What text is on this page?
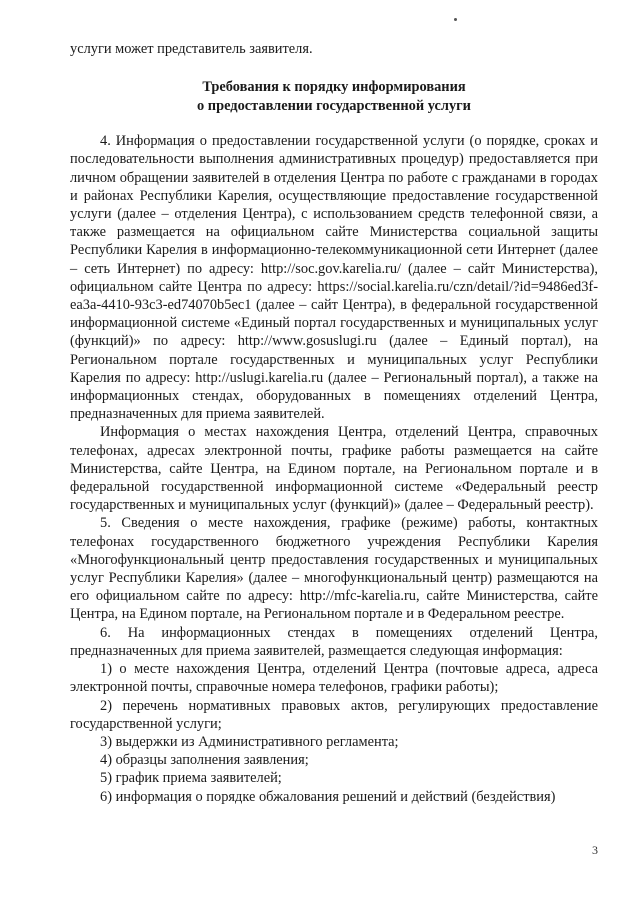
услуги может представитель заявителя.

Требования к порядку информирования
о предоставлении государственной услуги

4. Информация о предоставлении государственной услуги (о порядке, сроках и последовательности выполнения административных процедур) предоставляется при личном обращении заявителей в отделения Центра по работе с гражданами в городах и районах Республики Карелия, осуществляющие предоставление государственной услуги (далее – отделения Центра), с использованием средств телефонной связи, а также размещается на официальном сайте Министерства социальной защиты Республики Карелия в информационно-телекоммуникационной сети Интернет (далее – сеть Интернет) по адресу: http://soc.gov.karelia.ru/ (далее – сайт Министерства), официальном сайте Центра по адресу: https://social.karelia.ru/czn/detail/?id=9486ed3f-ea3a-4410-93c3-ed74070b5ec1 (далее – сайт Центра), в федеральной государственной информационной системе «Единый портал государственных и муниципальных услуг (функций)» по адресу: http://www.gosuslugi.ru (далее – Единый портал), на Региональном портале государственных и муниципальных услуг Республики Карелия по адресу: http://uslugi.karelia.ru (далее – Региональный портал), а также на информационных стендах, оборудованных в помещениях отделений Центра, предназначенных для приема заявителей.

Информация о местах нахождения Центра, отделений Центра, справочных телефонах, адресах электронной почты, графике работы размещается на сайте Министерства, сайте Центра, на Едином портале, на Региональном портале и в федеральной государственной информационной системе «Федеральный реестр государственных и муниципальных услуг (функций)» (далее – Федеральный реестр).

5. Сведения о месте нахождения, графике (режиме) работы, контактных телефонах государственного бюджетного учреждения Республики Карелия «Многофункциональный центр предоставления государственных и муниципальных услуг Республики Карелия» (далее – многофункциональный центр) размещаются на его официальном сайте по адресу: http://mfc-karelia.ru, сайте Министерства, сайте Центра, на Едином портале, на Региональном портале и в Федеральном реестре.

6. На информационных стендах в помещениях отделений Центра, предназначенных для приема заявителей, размещается следующая информация:

1) о месте нахождения Центра, отделений Центра (почтовые адреса, адреса электронной почты, справочные номера телефонов, графики работы);

2) перечень нормативных правовых актов, регулирующих предоставление государственной услуги;

3) выдержки из Административного регламента;

4) образцы заполнения заявления;

5) график приема заявителей;

6) информация о порядке обжалования решений и действий (бездействия)

3
